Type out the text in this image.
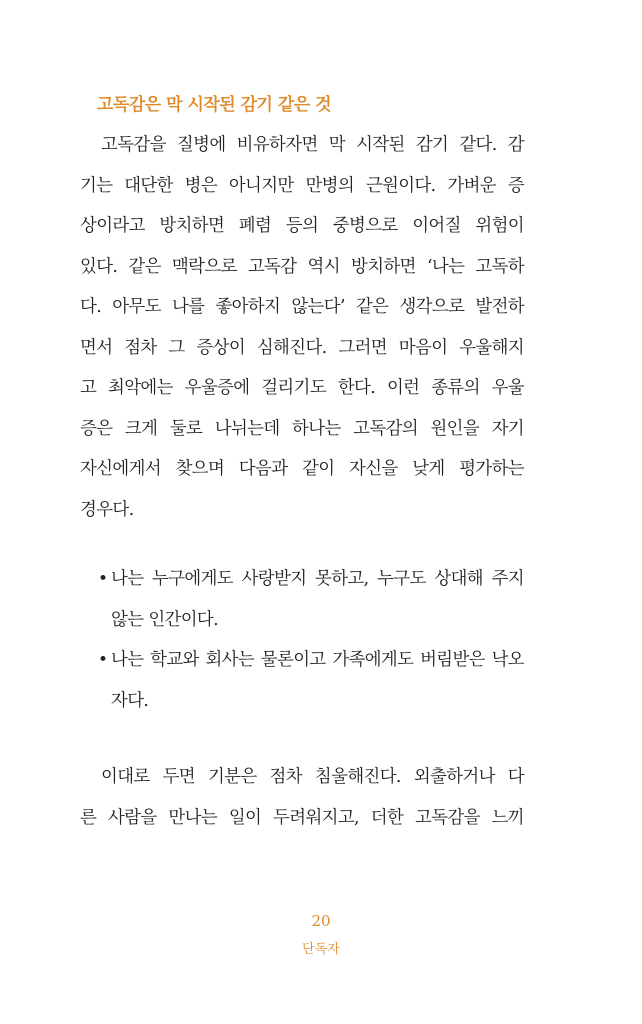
고독감은 막 시작된 감기 같은 것
고독감을 질병에 비유하자면 막 시작된 감기 같다. 감
기는 대단한 병은 아니지만 만병의 근원이다. 가벼운 증
상이라고 방치하면 폐렴 등의 중병으로 이어질 위험이
있다. 같은 맥락으로 고독감 역시 방치하면 ‘나는 고독하
다. 아무도 나를 좋아하지 않는다’ 같은 생각으로 발전하
면서 점차 그 증상이 심해진다. 그러면 마음이 우울해지
고 최악에는 우울증에 걸리기도 한다. 이런 종류의 우울
증은 크게 둘로 나뉘는데 하나는 고독감의 원인을 자기
자신에게서 찾으며 다음과 같이 자신을 낮게 평가하는
경우다.
• 나는 누구에게도 사랑받지 못하고, 누구도 상대해 주지
않는 인간이다.
• 나는 학교와 회사는 물론이고 가족에게도 버림받은 낙오
자다.
이대로 두면 기분은 점차 침울해진다. 외출하거나 다
른 사람을 만나는 일이 두려워지고, 더한 고독감을 느끼
20
단독자
